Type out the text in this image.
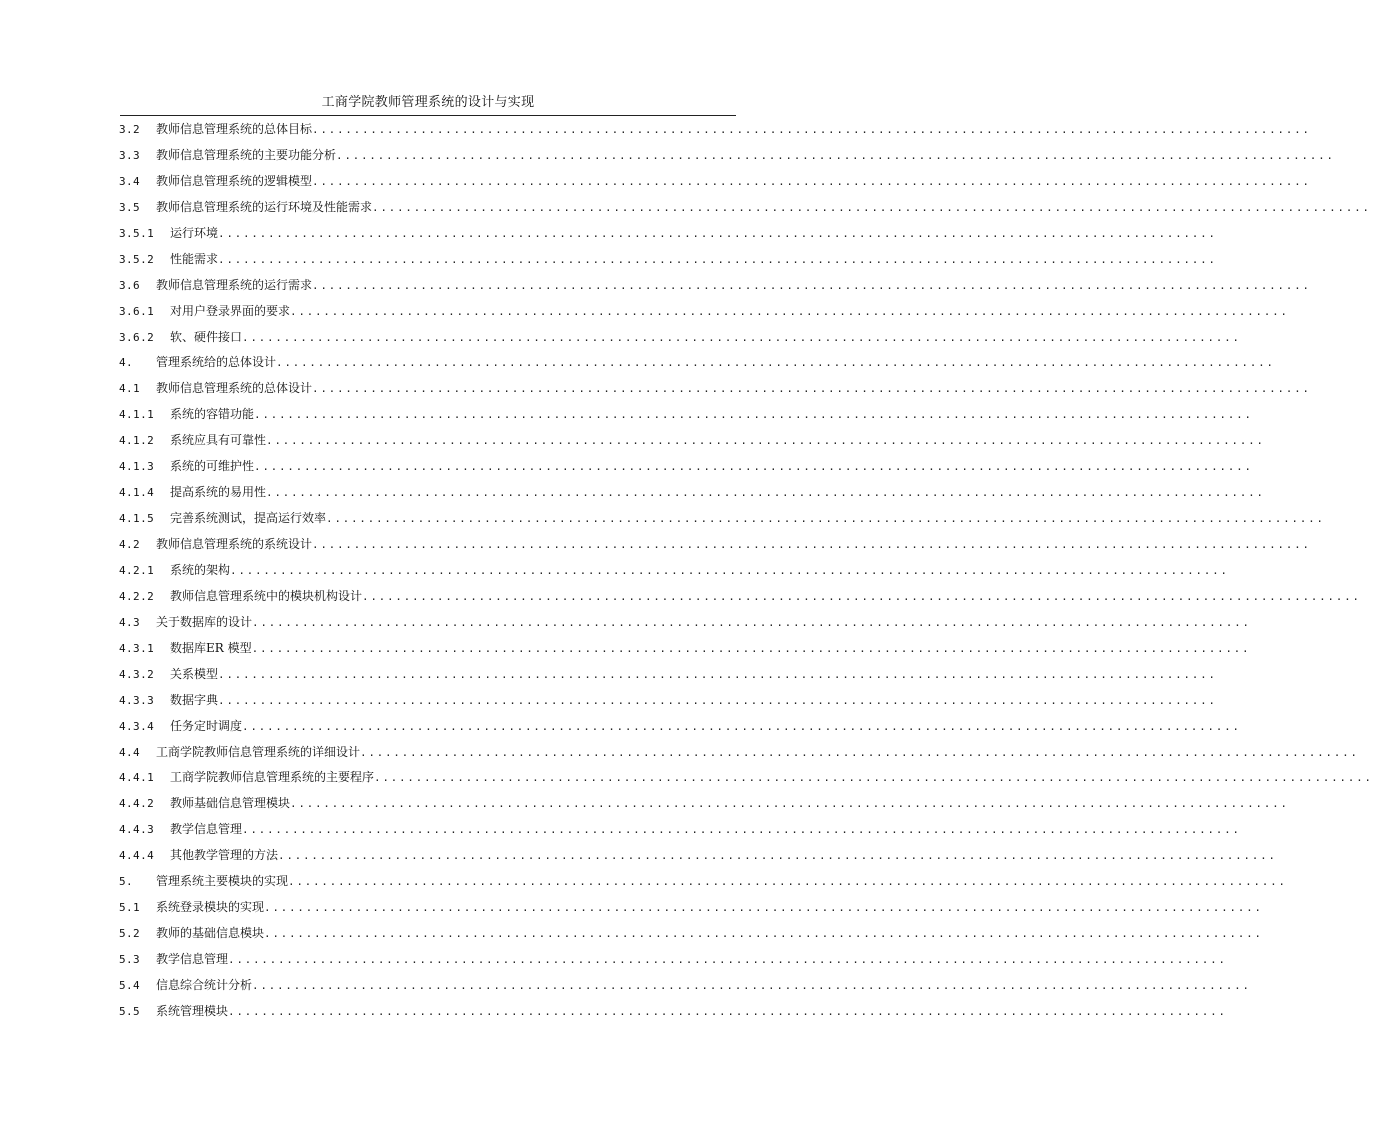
工商学院教师管理系统的设计与实现
3.2	教师信息管理系统的总体目标 ........................................................................................................................
3.3	教师信息管理系统的主要功能分析 ........................................................................................................................
3.4	教师信息管理系统的逻辑模型 ........................................................................................................................
3.5	教师信息管理系统的运行环境及性能需求 ........................................................................................................................
3.5.1	运行环境 ........................................................................................................................
3.5.2	性能需求 ........................................................................................................................
3.6	教师信息管理系统的运行需求 ........................................................................................................................
3.6.1	对用户登录界面的要求 ........................................................................................................................
3.6.2	软、硬件接口 ........................................................................................................................
4.	管理系统给的总体设计 ........................................................................................................................
4.1	教师信息管理系统的总体设计 ........................................................................................................................
4.1.1	系统的容错功能 ........................................................................................................................
4.1.2	系统应具有可靠性 ........................................................................................................................
4.1.3	系统的可维护性 ........................................................................................................................
4.1.4	提高系统的易用性 ........................................................................................................................
4.1.5	完善系统测试，提高运行效率 ........................................................................................................................
4.2	教师信息管理系统的系统设计 ........................................................................................................................
4.2.1	系统的架构 ........................................................................................................................
4.2.2	教师信息管理系统中的模块机构设计 ........................................................................................................................
4.3	关于数据库的设计 ........................................................................................................................
4.3.1	数据库ER 模型 ........................................................................................................................
4.3.2	关系模型 ........................................................................................................................
4.3.3	数据字典 ........................................................................................................................
4.3.4	任务定时调度 ........................................................................................................................
4.4	工商学院教师信息管理系统的详细设计 ........................................................................................................................
4.4.1	工商学院教师信息管理系统的主要程序 ........................................................................................................................
4.4.2	教师基础信息管理模块 ........................................................................................................................
4.4.3	教学信息管理 ........................................................................................................................
4.4.4	其他教学管理的方法 ........................................................................................................................
5.	管理系统主要模块的实现 ........................................................................................................................
5.1	系统登录模块的实现 ........................................................................................................................
5.2	教师的基础信息模块 ........................................................................................................................
5.3	教学信息管理 ........................................................................................................................
5.4	信息综合统计分析 ........................................................................................................................
5.5	系统管理模块 ........................................................................................................................
